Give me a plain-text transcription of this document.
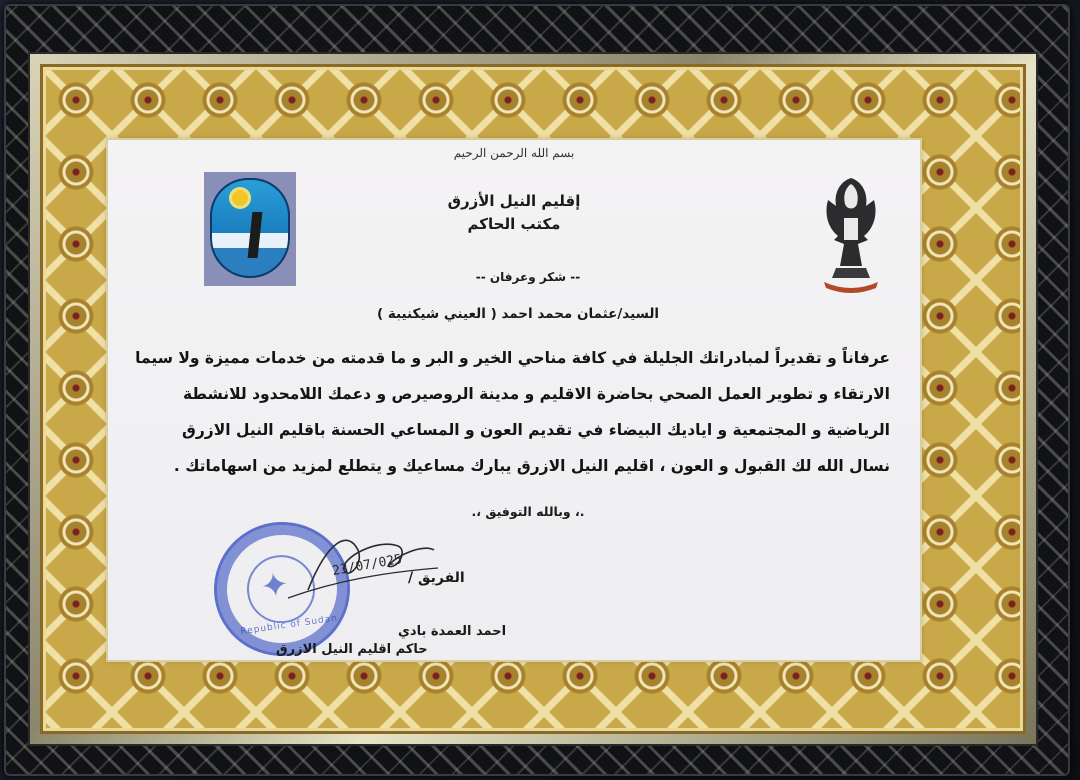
بسم الله الرحمن الرحيم
إقليم النيل الأزرق
مكتب الحاكم
-- شكر وعرفان --
السيد/عثمان محمد احمد ( العيني شيكنيبة )

عرفاناً و تقديراً لمبادراتك الجليلة في كافة مناحي الخير و البر و ما قدمته من خدمات مميزة ولا سيما

الارتقاء و تطوير العمل الصحي بحاضرة الاقليم و مدينة الروصيرص و دعمك اللامحدود للانشطة

الرياضية و المجتمعية و اياديك البيضاء في تقديم العون و المساعي الحسنة باقليم النيل الازرق

نسال الله لك القبول و العون ، اقليم النيل الازرق يبارك مساعيك و يتطلع لمزيد من اسهاماتك .

.، وبالله التوفيق ،.
✦
Republic of Sudan
23/07/025 الفريق /
احمد العمدة بادي
حاكم اقليم النيل الازرق
